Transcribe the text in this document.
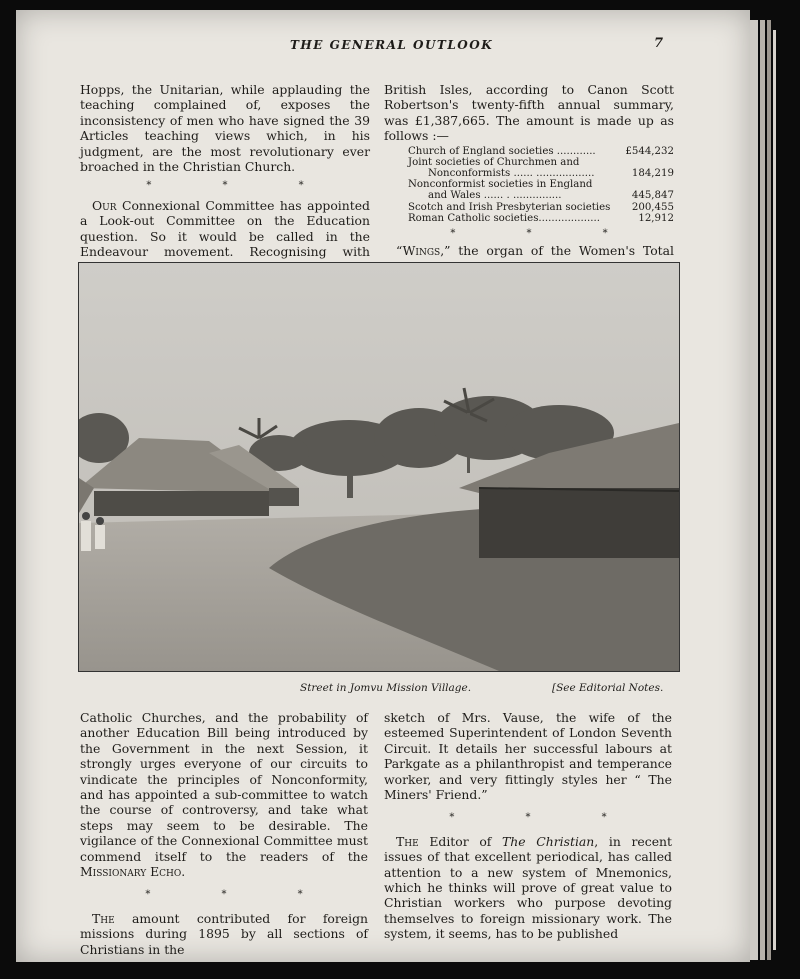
THE GENERAL OUTLOOK	7

Hopps, the Unitarian, while applauding the teaching complained of, exposes the inconsistency of men who have signed the 39 Articles teaching views which, in his judgment, are the most revolutionary ever broached in the Christian Church.

* * *

Our Connexional Committee has appointed a Look-out Committee on the Education question. So it would be called in the Endeavour movement. Recognising with

British Isles, according to Canon Scott Robertson's twenty-fifth annual summary, was £1,387,665. The amount is made up as follows :—

Church of England societies ............	£544,232
Joint societies of Churchmen and	
Nonconformists ...... ..................	184,219
Nonconformist societies in England	
and Wales ...... . ...............	445,847
Scotch and Irish Presbyterian societies	200,455
Roman Catholic societies...................	12,912
* * *

“Wings,” the organ of the Women's Total

Street in Jomvu Mission Village.	[See Editorial Notes.

Catholic Churches, and the probability of another Education Bill being introduced by the Government in the next Session, it strongly urges everyone of our circuits to vindicate the principles of Nonconformity, and has appointed a sub-committee to watch the course of controversy, and take what steps may seem to be desirable. The vigilance of the Connexional Committee must commend itself to the readers of the Missionary Echo.

* * *

The amount contributed for foreign missions during 1895 by all sections of Christians in the

sketch of Mrs. Vause, the wife of the esteemed Superintendent of London Seventh Circuit. It details her successful labours at Parkgate as a philanthropist and temperance worker, and very fittingly styles her “ The Miners' Friend.”

* * *

The Editor of The Christian, in recent issues of that excellent periodical, has called attention to a new system of Mnemonics, which he thinks will prove of great value to Christian workers who purpose devoting themselves to foreign missionary work. The system, it seems, has to be published
